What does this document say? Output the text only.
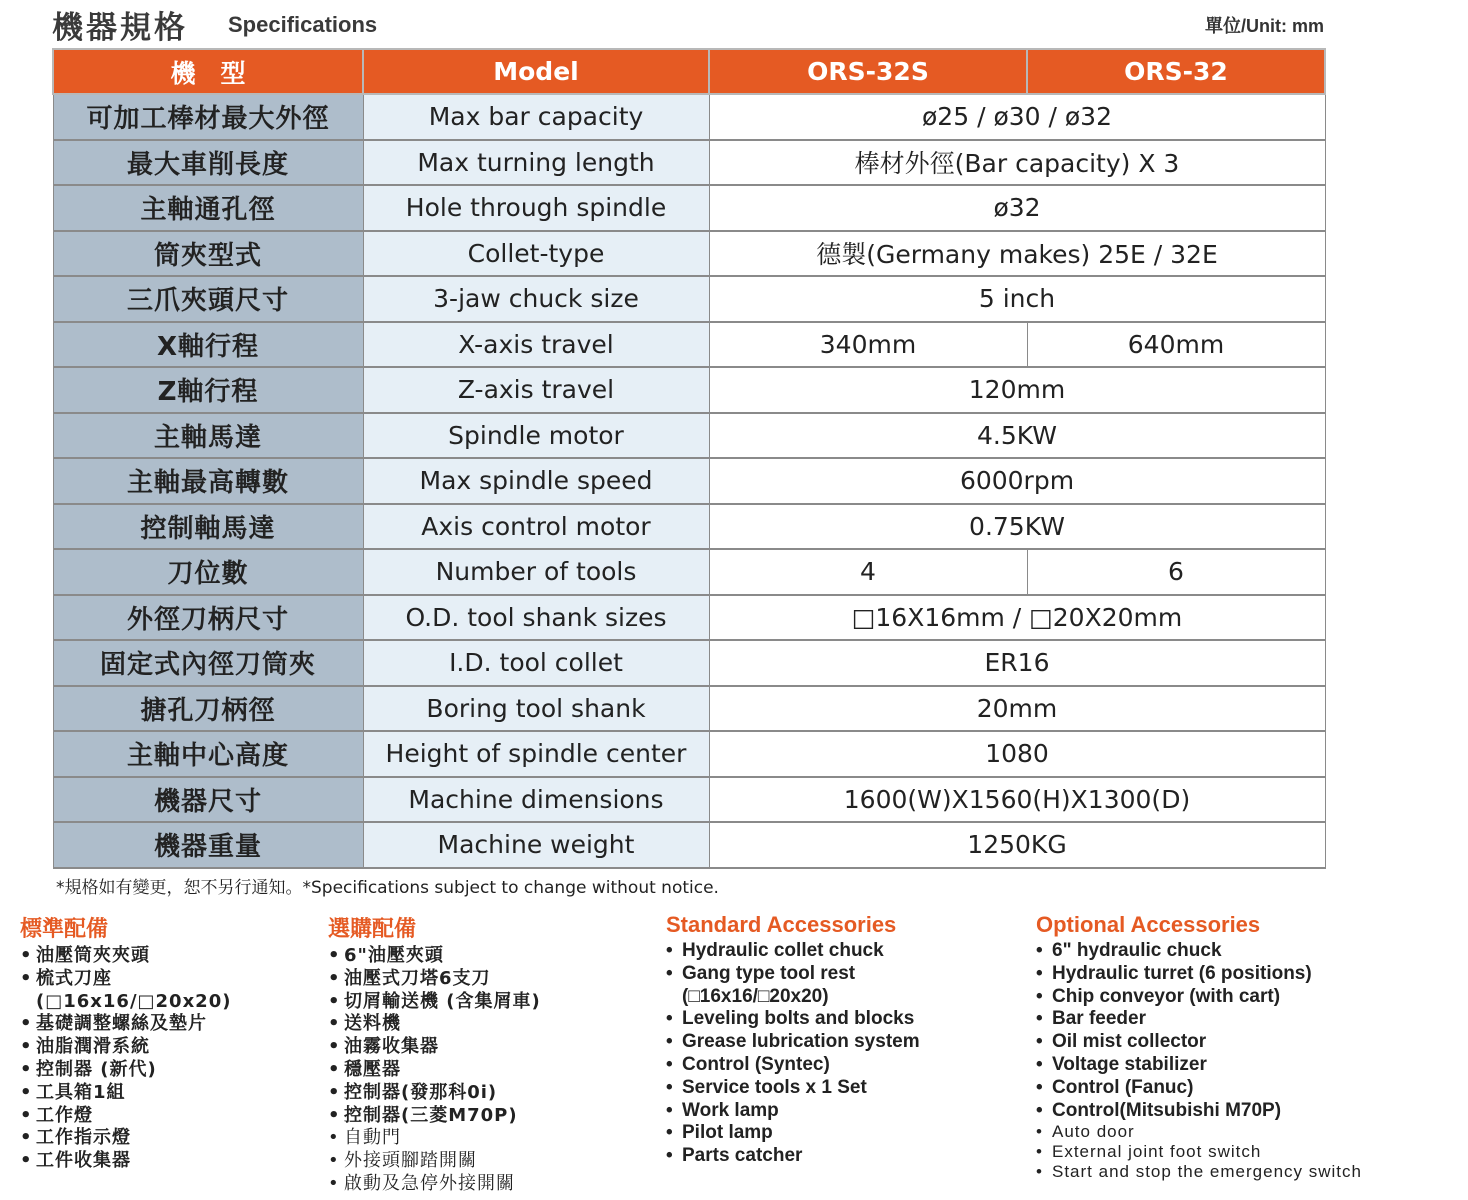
機器規格 Specifications	單位/Unit: mm
機　型	Model	ORS-32S	ORS-32
可加工棒材最大外徑	Max bar capacity	ø25 / ø30 / ø32	
最大車削長度	Max turning length	棒材外徑(Bar capacity) X 3	
主軸通孔徑	Hole through spindle	ø32	
筒夾型式	Collet-type	德製(Germany makes) 25E / 32E	
三爪夾頭尺寸	3-jaw chuck size	5 inch	
X軸行程	X-axis travel	340mm	640mm
Z軸行程	Z-axis travel	120mm	
主軸馬達	Spindle motor	4.5KW	
主軸最高轉數	Max spindle speed	6000rpm	
控制軸馬達	Axis control motor	0.75KW	
刀位數	Number of tools	4	6
外徑刀柄尺寸	O.D. tool shank sizes	□16X16mm / □20X20mm	
固定式內徑刀筒夾	I.D. tool collet	ER16	
搪孔刀柄徑	Boring tool shank	20mm	
主軸中心高度	Height of spindle center	1080	
機器尺寸	Machine dimensions	1600(W)X1560(H)X1300(D)	
機器重量	Machine weight	1250KG	
*規格如有變更，恕不另行通知。*Specifications subject to change without notice.
標準配備
• 油壓筒夾夾頭
• 梳式刀座
(□16x16/□20x20)
• 基礎調整螺絲及墊片
• 油脂潤滑系統
• 控制器 (新代)
• 工具箱1組
• 工作燈
• 工作指示燈
• 工件收集器
選購配備
• 6"油壓夾頭
• 油壓式刀塔6支刀
• 切屑輸送機 (含集屑車)
• 送料機
• 油霧收集器
• 穩壓器
• 控制器(發那科0i)
• 控制器(三菱M70P)
• 自動門
• 外接頭腳踏開關
• 啟動及急停外接開關
Standard Accessories
• Hydraulic collet chuck
• Gang type tool rest
(□16x16/□20x20)
• Leveling bolts and blocks
• Grease lubrication system
• Control (Syntec)
• Service tools x 1 Set
• Work lamp
• Pilot lamp
• Parts catcher
Optional Accessories
• 6" hydraulic chuck
• Hydraulic turret (6 positions)
• Chip conveyor (with cart)
• Bar feeder
• Oil mist collector
• Voltage stabilizer
• Control (Fanuc)
• Control(Mitsubishi M70P)
• Auto door
• External joint foot switch
• Start and stop the emergency switch
